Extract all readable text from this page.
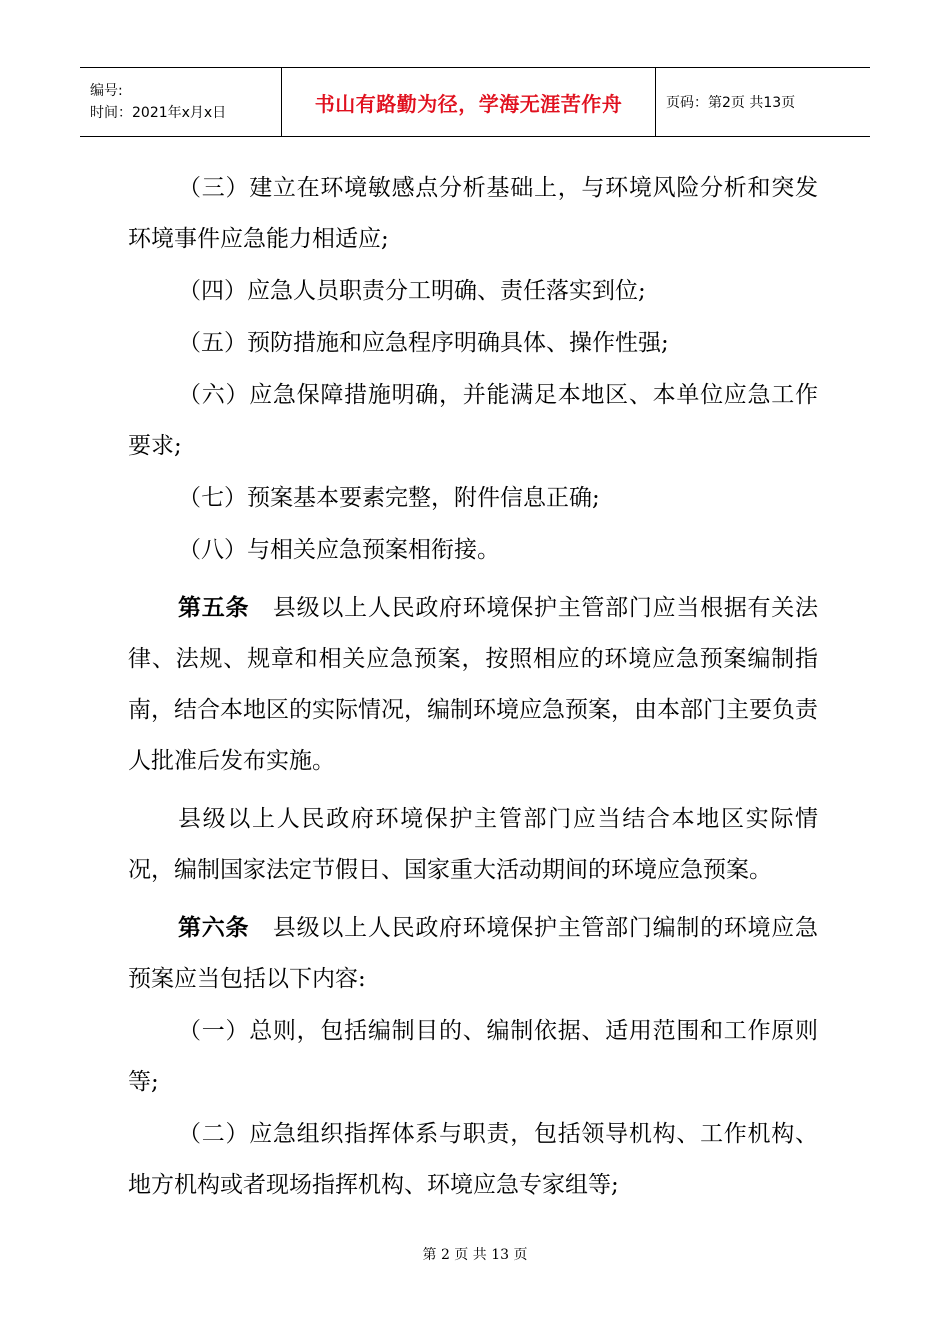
编号:
时间：2021年x月x日	书山有路勤为径，学海无涯苦作舟	页码：第2页 共13页

（三）建立在环境敏感点分析基础上，与环境风险分析和突发环境事件应急能力相适应;

（四）应急人员职责分工明确、责任落实到位;

（五）预防措施和应急程序明确具体、操作性强;

（六）应急保障措施明确，并能满足本地区、本单位应急工作要求;

（七）预案基本要素完整，附件信息正确;

（八）与相关应急预案相衔接。

第五条　县级以上人民政府环境保护主管部门应当根据有关法律、法规、规章和相关应急预案，按照相应的环境应急预案编制指南，结合本地区的实际情况，编制环境应急预案，由本部门主要负责人批准后发布实施。

县级以上人民政府环境保护主管部门应当结合本地区实际情况，编制国家法定节假日、国家重大活动期间的环境应急预案。

第六条　县级以上人民政府环境保护主管部门编制的环境应急预案应当包括以下内容:

（一）总则，包括编制目的、编制依据、适用范围和工作原则等;

（二）应急组织指挥体系与职责，包括领导机构、工作机构、地方机构或者现场指挥机构、环境应急专家组等;

第 2 页 共 13 页
